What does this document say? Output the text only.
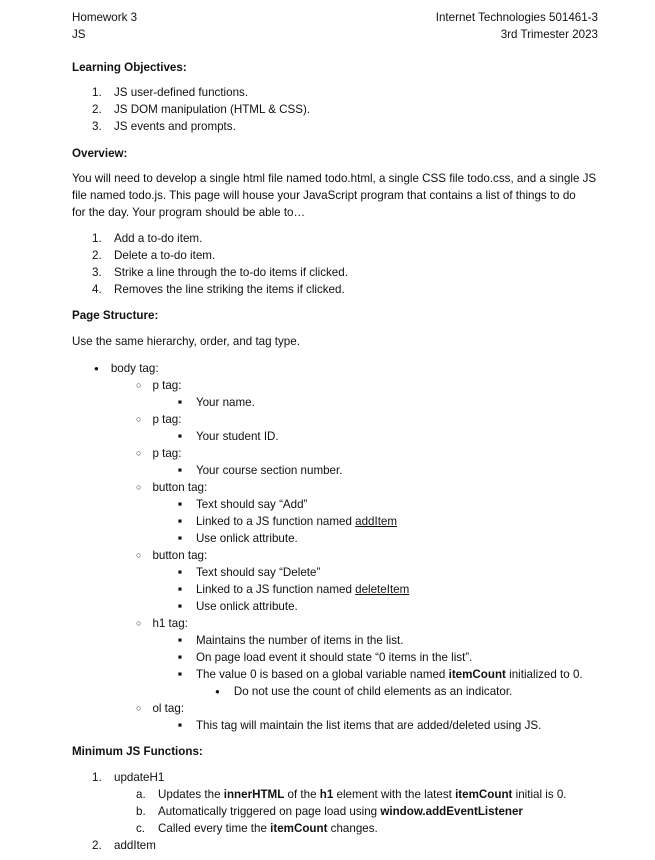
Homework 3
JS
Internet Technologies 501461-3
3rd Trimester 2023
Learning Objectives:
1. JS user-defined functions.
2. JS DOM manipulation (HTML & CSS).
3. JS events and prompts.
Overview:
You will need to develop a single html file named todo.html, a single CSS file todo.css, and a single JS
file named todo.js. This page will house your JavaScript program that contains a list of things to do
for the day. Your program should be able to…
1. Add a to-do item.
2. Delete a to-do item.
3. Strike a line through the to-do items if clicked.
4. Removes the line striking the items if clicked.
Page Structure:
Use the same hierarchy, order, and tag type.
● body tag:
○ p tag:
■ Your name.
○ p tag:
■ Your student ID.
○ p tag:
■ Your course section number.
○ button tag:
■ Text should say “Add”
■ Linked to a JS function named addItem
■ Use onlick attribute.
○ button tag:
■ Text should say “Delete”
■ Linked to a JS function named deleteItem
■ Use onlick attribute.
○ h1 tag:
■ Maintains the number of items in the list.
■ On page load event it should state “0 items in the list”.
■ The value 0 is based on a global variable named itemCount initialized to 0.
● Do not use the count of child elements as an indicator.
○ ol tag:
■ This tag will maintain the list items that are added/deleted using JS.
Minimum JS Functions:
1. updateH1
a. Updates the innerHTML of the h1 element with the latest itemCount initial is 0.
b. Automatically triggered on page load using window.addEventListener
c. Called every time the itemCount changes.
2. addItem
